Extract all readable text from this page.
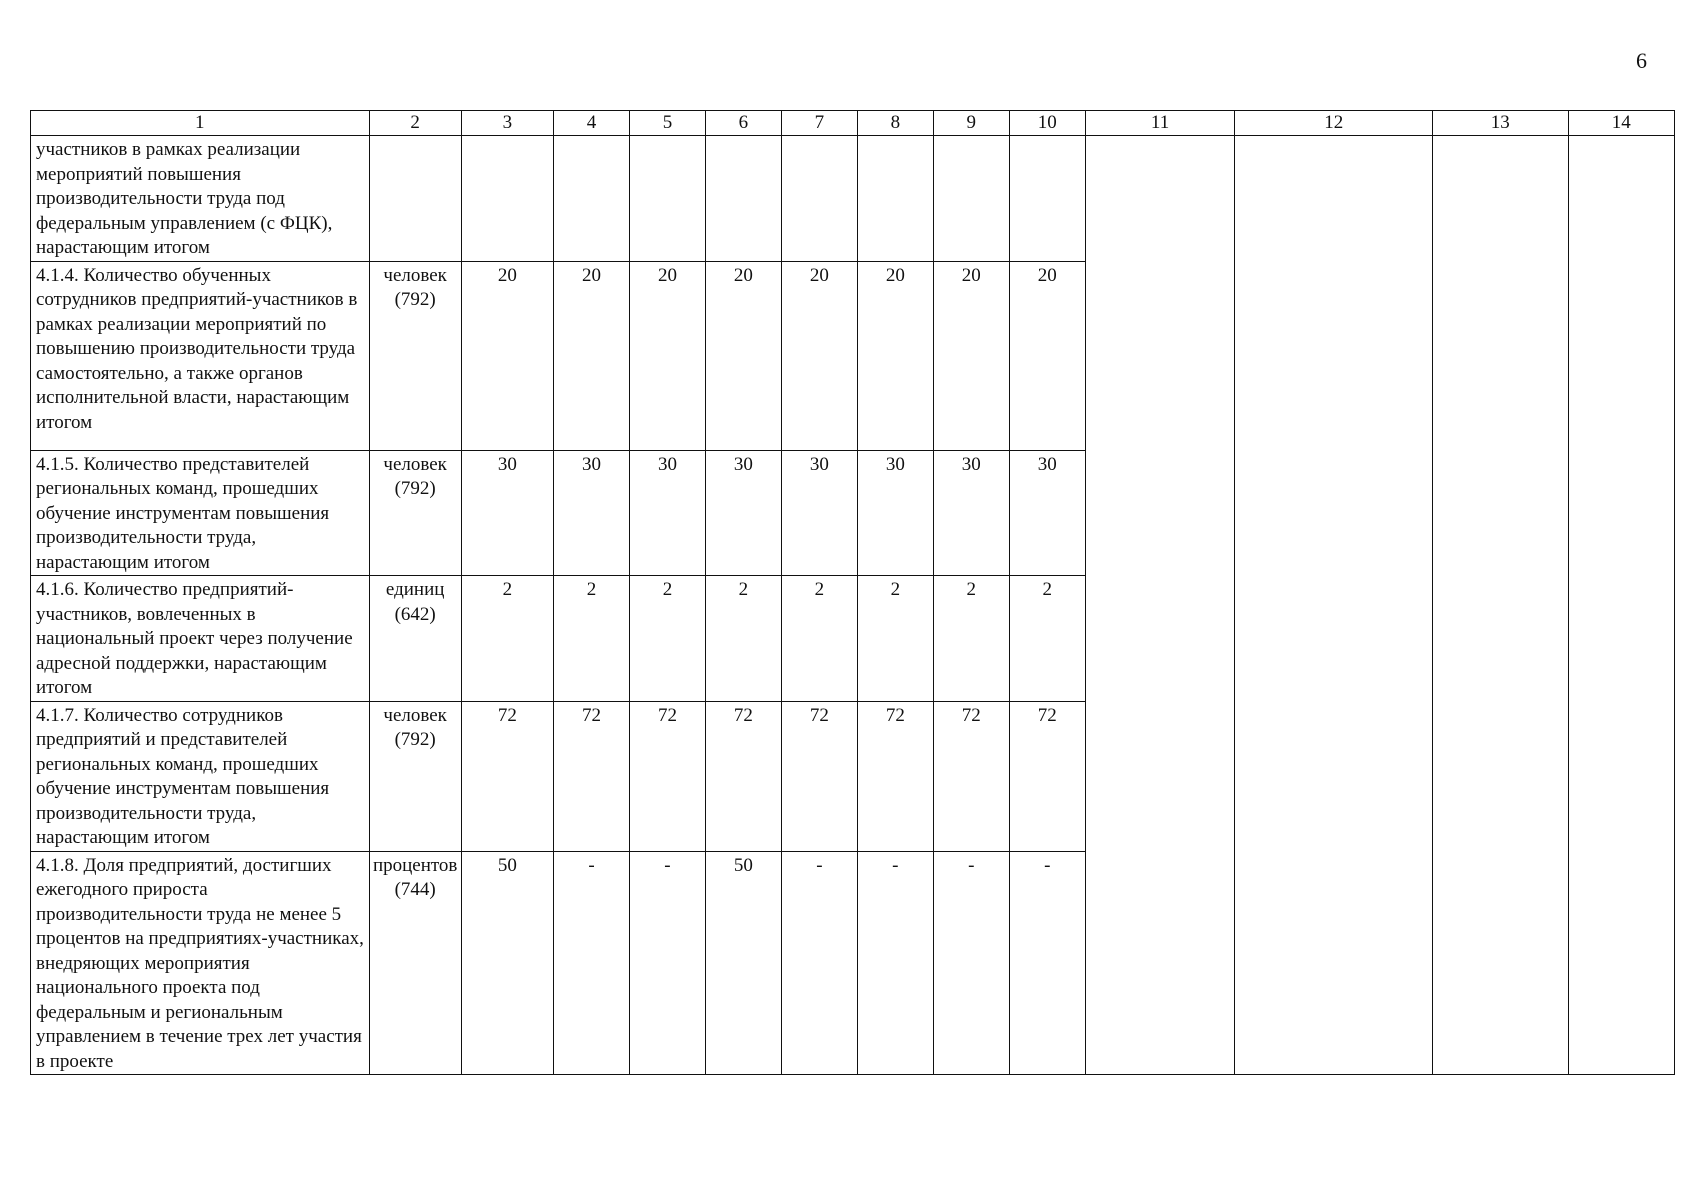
6
1	2	3	4	5	6	7	8	9	10	11	12	13	14
участников в рамках реализации мероприятий повышения производительности труда под федеральным управлением (с ФЦК), нарастающим итогом													
4.1.4. Количество обученных сотрудников предприятий-участников в рамках реализации мероприятий по повышению производительности труда самостоятельно, а также органов исполнительной власти, нарастающим итогом	человек (792)	20	20	20	20	20	20	20	20				
4.1.5. Количество представителей региональных команд, прошедших обучение инструментам повышения производительности труда, нарастающим итогом	человек (792)	30	30	30	30	30	30	30	30				
4.1.6. Количество предприятий-участников, вовлеченных в национальный проект через получение адресной поддержки, нарастающим итогом	единиц (642)	2	2	2	2	2	2	2	2				
4.1.7. Количество сотрудников предприятий и представителей региональных команд, прошедших обучение инструментам повышения производительности труда, нарастающим итогом	человек (792)	72	72	72	72	72	72	72	72				
4.1.8. Доля предприятий, достигших ежегодного прироста производительности труда не менее 5 процентов на предприятиях-участниках, внедряющих мероприятия национального проекта под федеральным и региональным управлением в течение трех лет участия в проекте	процентов (744)	50	-	-	50	-	-	-	-				
